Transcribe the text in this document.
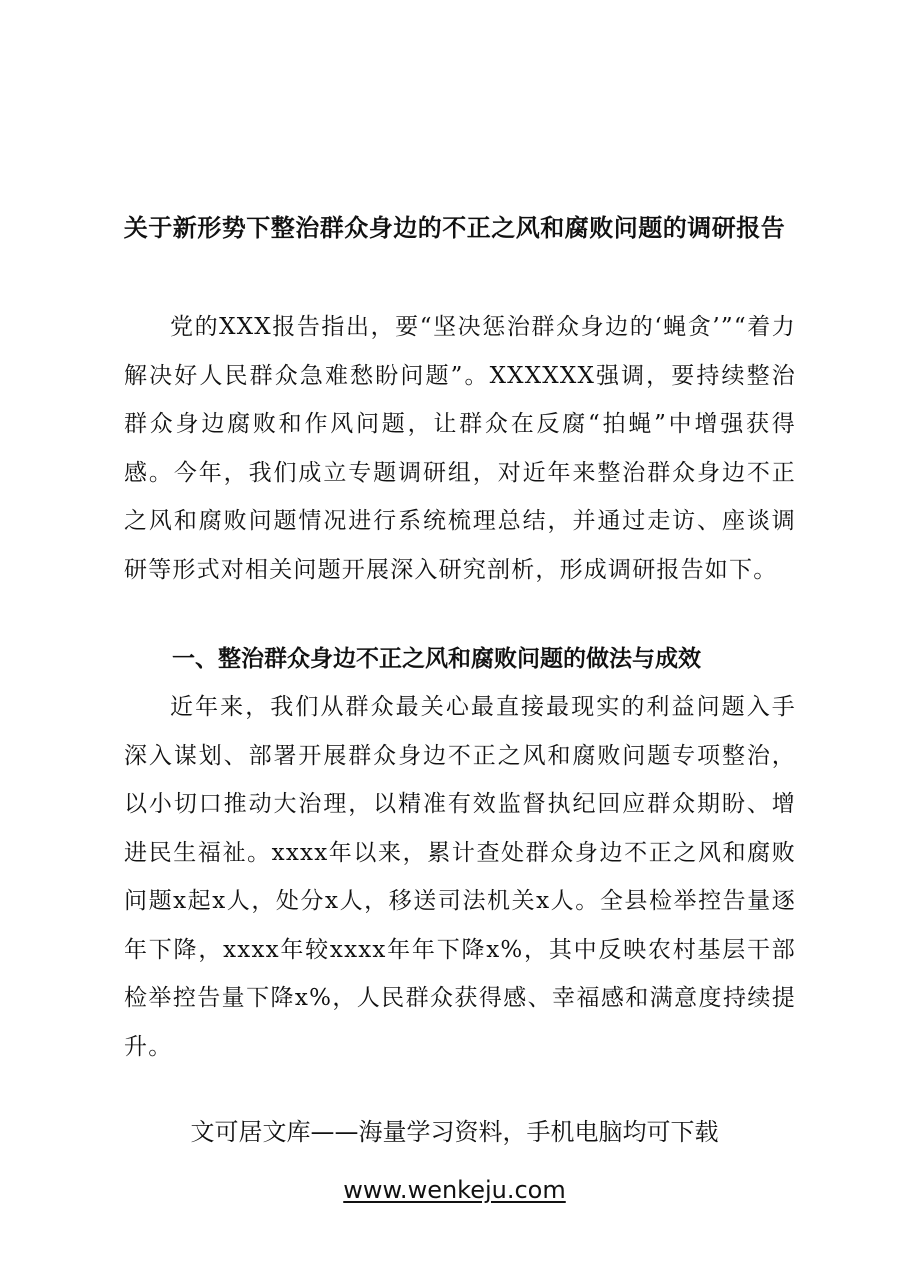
关于新形势下整治群众身边的不正之风和腐败问题的调研报告
党的XXX报告指出，要“坚决惩治群众身边的‘蝇贪’”“着力解决好人民群众急难愁盼问题”。XXXXXX强调，要持续整治群众身边腐败和作风问题，让群众在反腐“拍蝇”中增强获得感。今年，我们成立专题调研组，对近年来整治群众身边不正之风和腐败问题情况进行系统梳理总结，并通过走访、座谈调研等形式对相关问题开展深入研究剖析，形成调研报告如下。
一、整治群众身边不正之风和腐败问题的做法与成效
近年来，我们从群众最关心最直接最现实的利益问题入手深入谋划、部署开展群众身边不正之风和腐败问题专项整治，以小切口推动大治理，以精准有效监督执纪回应群众期盼、增进民生福祉。xxxx年以来，累计查处群众身边不正之风和腐败问题x起x人，处分x人，移送司法机关x人。全县检举控告量逐年下降，xxxx年较xxxx年年下降x%，其中反映农村基层干部检举控告量下降x%，人民群众获得感、幸福感和满意度持续提升。
文可居文库——海量学习资料，手机电脑均可下载
www.wenkeju.com
